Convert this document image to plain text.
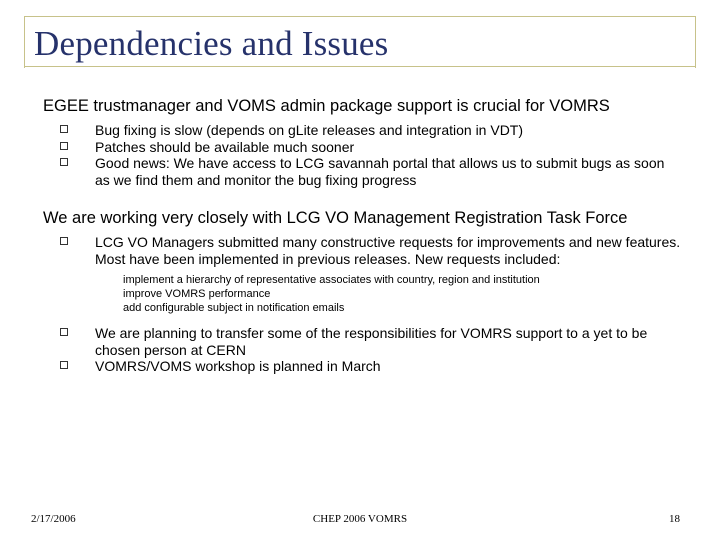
Dependencies and Issues

EGEE trustmanager and VOMS admin package support is crucial for VOMRS

Bug fixing is slow (depends on gLite releases and integration in VDT)

Patches should be available much sooner

Good news: We have access to LCG savannah portal that allows us to submit bugs as soon as we find them and monitor the bug fixing progress

We are working very closely with LCG VO Management Registration Task Force

LCG VO Managers submitted many constructive requests for improvements and new features. Most have been implemented in previous releases. New requests included:

implement a hierarchy of representative associates with country, region and institution

improve VOMRS performance

add configurable subject in notification emails

We are planning to transfer some of the responsibilities for VOMRS support to a yet to be chosen person at CERN

VOMRS/VOMS workshop is planned in March

2/17/2006	CHEP 2006 VOMRS	18
